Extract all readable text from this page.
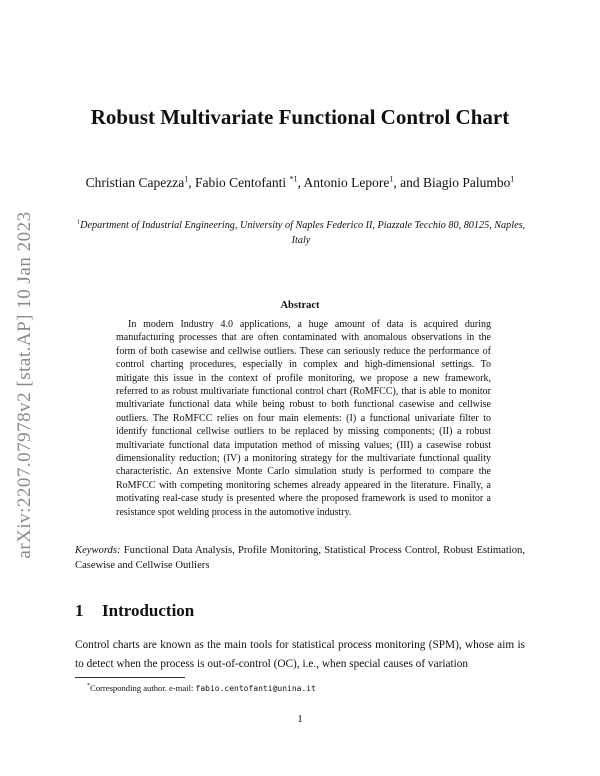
arXiv:2207.07978v2 [stat.AP] 10 Jan 2023
Robust Multivariate Functional Control Chart
Christian Capezza$^1$, Fabio Centofanti $^{*1}$, Antonio Lepore$^1$, and Biagio Palumbo$^1$
$^1$Department of Industrial Engineering, University of Naples Federico II, Piazzale Tecchio 80, 80125, Naples, Italy
Abstract
In modern Industry 4.0 applications, a huge amount of data is acquired during manufacturing processes that are often contaminated with anomalous observations in the form of both casewise and cellwise outliers. These can seriously reduce the performance of control charting procedures, especially in complex and high-dimensional settings. To mitigate this issue in the context of profile monitoring, we propose a new framework, referred to as robust multivariate functional control chart (RoMFCC), that is able to monitor multivariate functional data while being robust to both functional casewise and cellwise outliers. The RoMFCC relies on four main elements: (I) a functional univariate filter to identify functional cellwise outliers to be replaced by missing components; (II) a robust multivariate functional data imputation method of missing values; (III) a casewise robust dimensionality reduction; (IV) a monitoring strategy for the multivariate functional quality characteristic. An extensive Monte Carlo simulation study is performed to compare the RoMFCC with competing monitoring schemes already appeared in the literature. Finally, a motivating real-case study is presented where the proposed framework is used to monitor a resistance spot welding process in the automotive industry.
Keywords: Functional Data Analysis, Profile Monitoring, Statistical Process Control, Robust Estimation, Casewise and Cellwise Outliers
1 Introduction
Control charts are known as the main tools for statistical process monitoring (SPM), whose aim is to detect when the process is out-of-control (OC), i.e., when special causes of variation
*Corresponding author. e-mail: fabio.centofanti@unina.it
1
